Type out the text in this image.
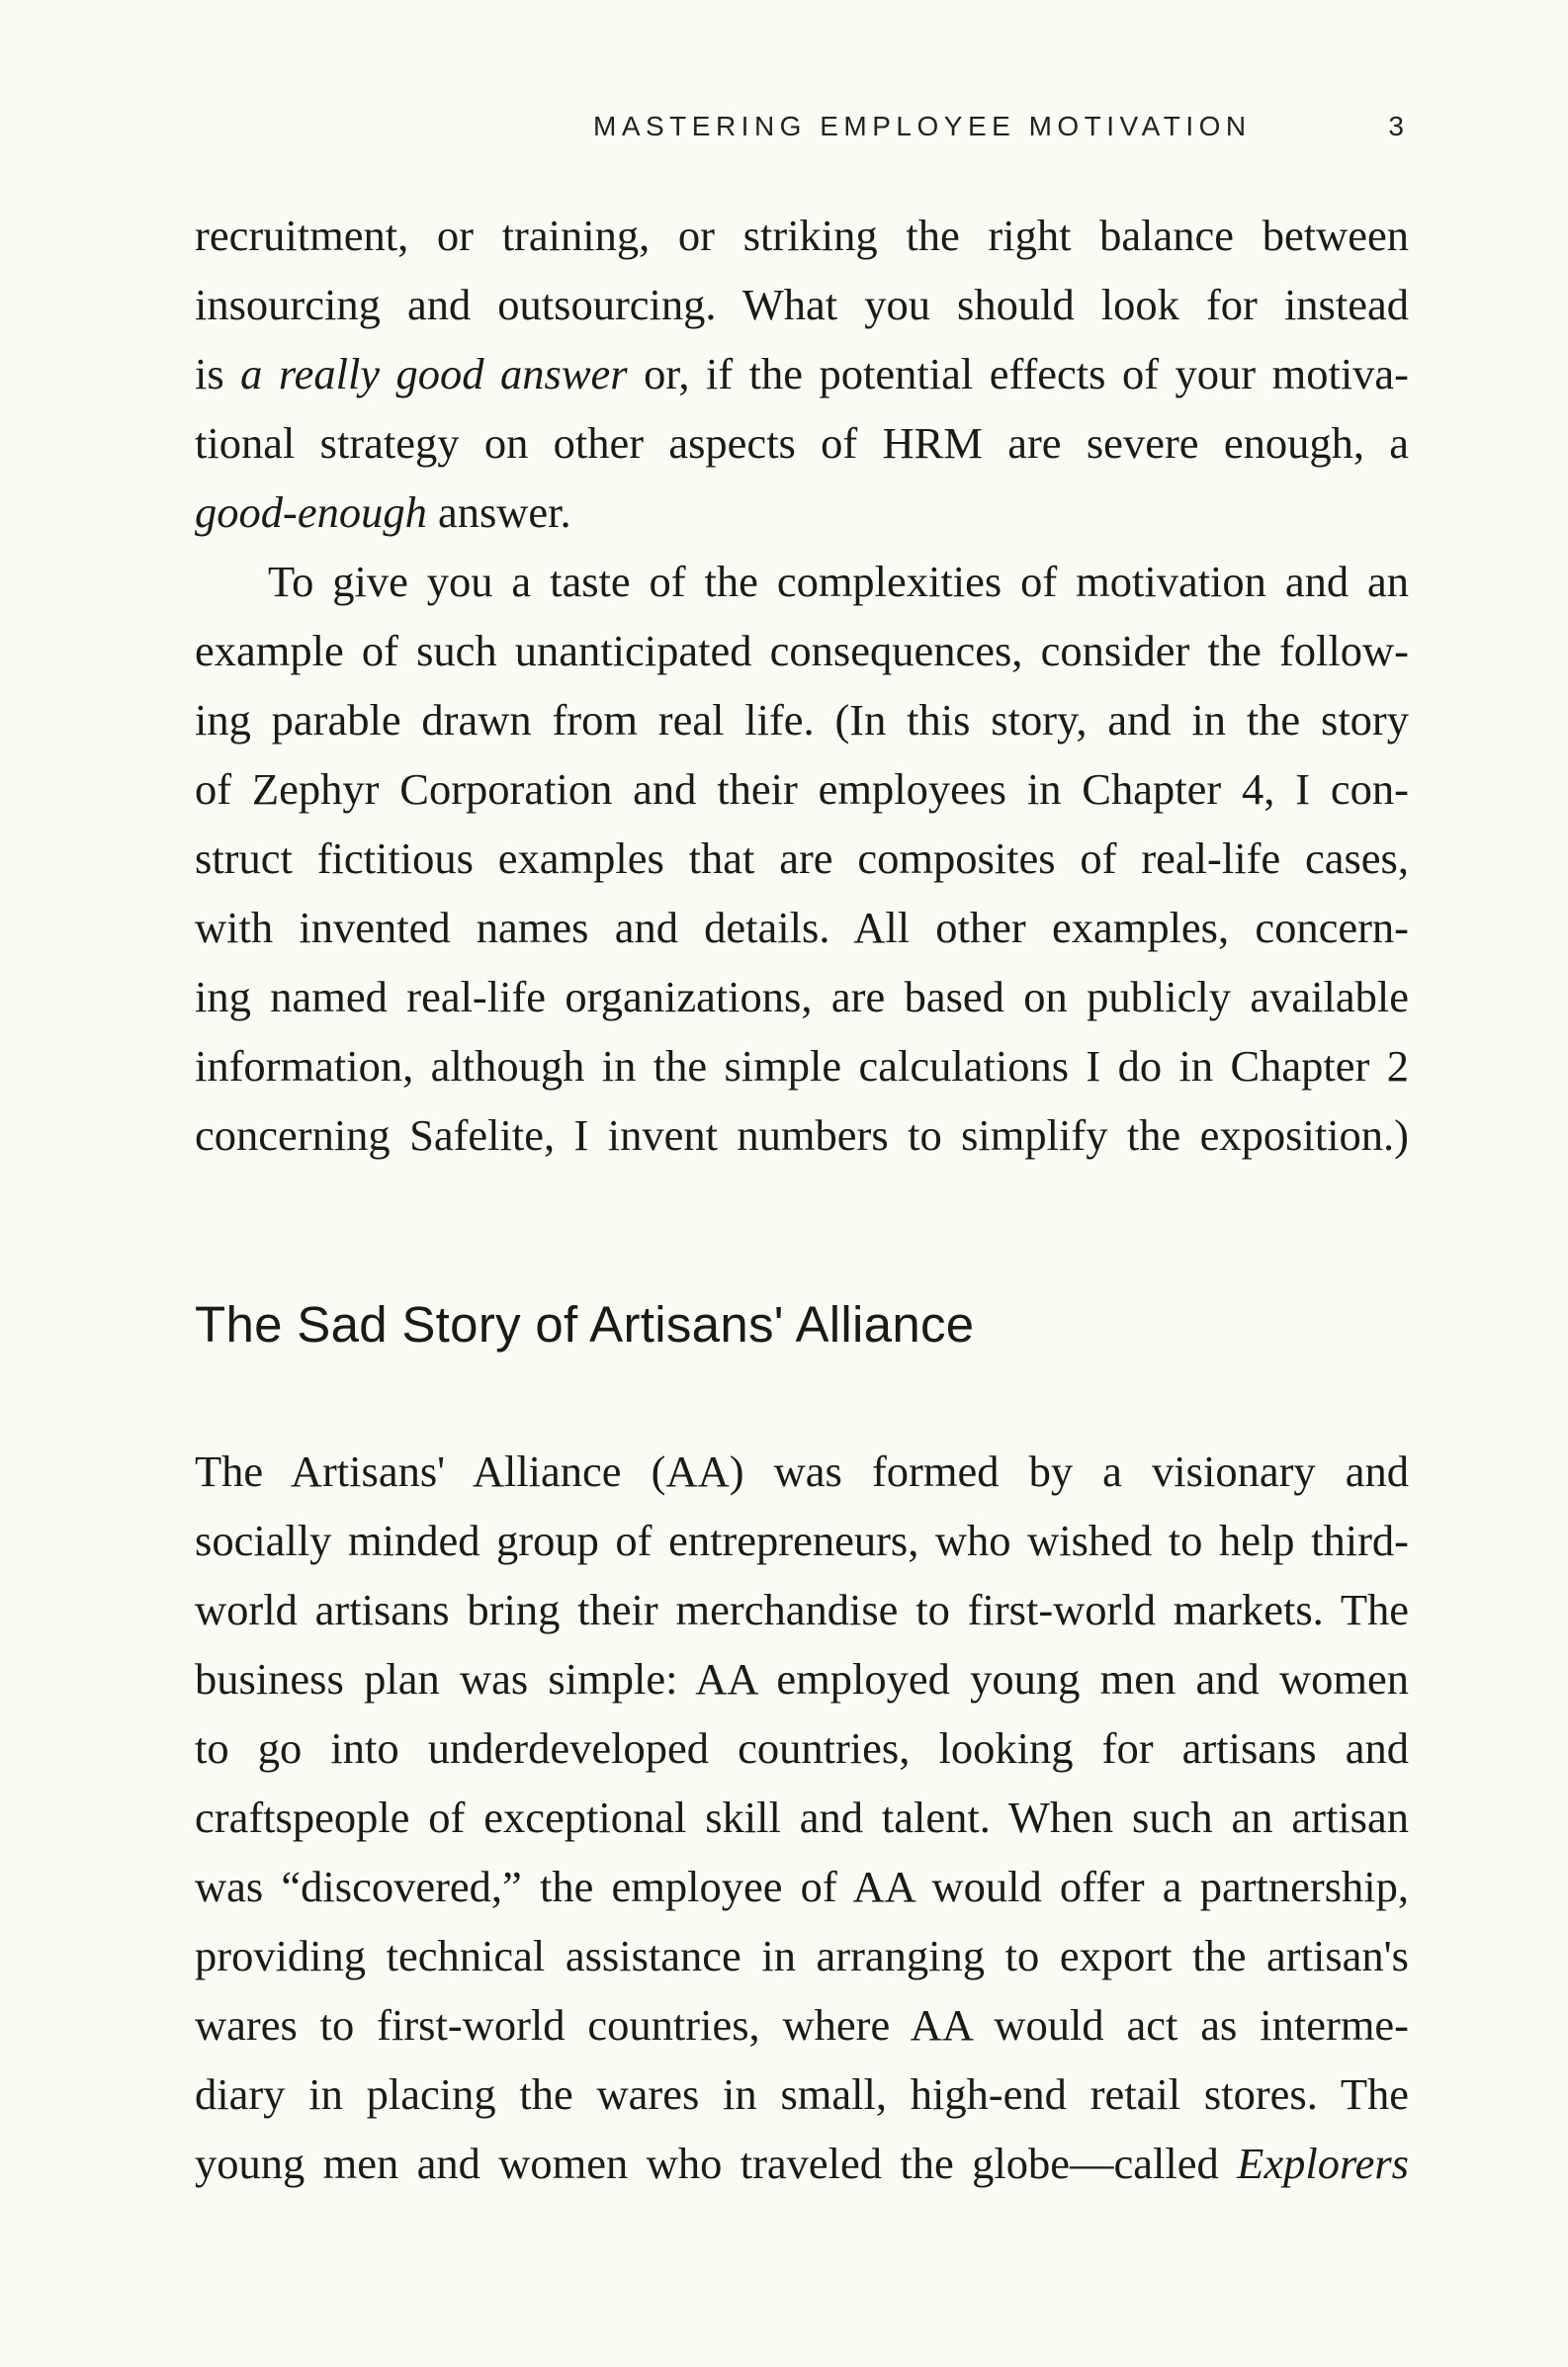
MASTERING EMPLOYEE MOTIVATION	3
recruitment, or training, or striking the right balance between
insourcing and outsourcing. What you should look for instead
is a really good answer or, if the potential effects of your motiva-
tional strategy on other aspects of HRM are severe enough, a
good-enough answer.
To give you a taste of the complexities of motivation and an
example of such unanticipated consequences, consider the follow-
ing parable drawn from real life. (In this story, and in the story
of Zephyr Corporation and their employees in Chapter 4, I con-
struct fictitious examples that are composites of real-life cases,
with invented names and details. All other examples, concern-
ing named real-life organizations, are based on publicly available
information, although in the simple calculations I do in Chapter 2
concerning Safelite, I invent numbers to simplify the exposition.)
The Sad Story of Artisans' Alliance
The Artisans' Alliance (AA) was formed by a visionary and
socially minded group of entrepreneurs, who wished to help third-
world artisans bring their merchandise to first-world markets. The
business plan was simple: AA employed young men and women
to go into underdeveloped countries, looking for artisans and
craftspeople of exceptional skill and talent. When such an artisan
was “discovered,” the employee of AA would offer a partnership,
providing technical assistance in arranging to export the artisan's
wares to first-world countries, where AA would act as interme-
diary in placing the wares in small, high-end retail stores. The
young men and women who traveled the globe—called Explorers
